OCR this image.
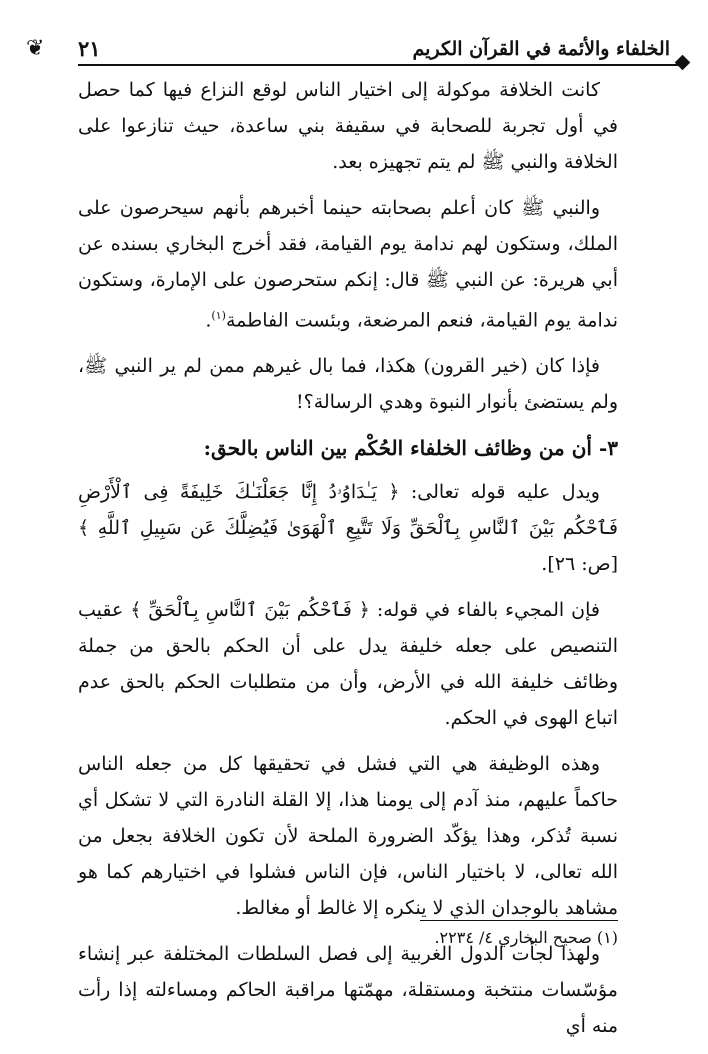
الخلفاء والأئمة في القرآن الكريم
٢١
❦

كانت الخلافة موكولة إلى اختيار الناس لوقع النزاع فيها كما حصل في أول تجربة للصحابة في سقيفة بني ساعدة، حيث تنازعوا على الخلافة والنبي ﷺ لم يتم تجهيزه بعد.

والنبي ﷺ كان أعلم بصحابته حينما أخبرهم بأنهم سيحرصون على الملك، وستكون لهم ندامة يوم القيامة، فقد أخرج البخاري بسنده عن أبي هريرة: عن النبي ﷺ قال: إنكم ستحرصون على الإمارة، وستكون ندامة يوم القيامة، فنعم المرضعة، وبئست الفاطمة$^{(١)}$.

فإذا كان (خير القرون) هكذا، فما بال غيرهم ممن لم ير النبي ﷺ، ولم يستضئ بأنوار النبوة وهدي الرسالة؟!

٣- أن من وظائف الخلفاء الحُكْم بين الناس بالحق:

ويدل عليه قوله تعالى: ﴿ يَـٰدَاوُۥدُ إِنَّا جَعَلْنَـٰكَ خَلِيفَةً فِى ٱلْأَرْضِ فَٱحْكُم بَيْنَ ٱلنَّاسِ بِٱلْحَقِّ وَلَا تَتَّبِعِ ٱلْهَوَىٰ فَيُضِلَّكَ عَن سَبِيلِ ٱللَّهِ ﴾ [ص: ٢٦].

فإن المجيء بالفاء في قوله: ﴿ فَٱحْكُم بَيْنَ ٱلنَّاسِ بِٱلْحَقِّ ﴾ عقيب التنصيص على جعله خليفة يدل على أن الحكم بالحق من جملة وظائف خليفة الله في الأرض، وأن من متطلبات الحكم بالحق عدم اتباع الهوى في الحكم.

وهذه الوظيفة هي التي فشل في تحقيقها كل من جعله الناس حاكماً عليهم، منذ آدم إلى يومنا هذا، إلا القلة النادرة التي لا تشكل أي نسبة تُذكر، وهذا يؤكّد الضرورة الملحة لأن تكون الخلافة بجعل من الله تعالى، لا باختيار الناس، فإن الناس فشلوا في اختيارهم كما هو مشاهد بالوجدان الذي لا ينكره إلا غالط أو مغالط.

ولهذا لجأت الدول الغربية إلى فصل السلطات المختلفة عبر إنشاء مؤسّسات منتخبة ومستقلة، مهمّتها مراقبة الحاكم ومساءلته إذا رأت منه أي

(١) صحيح البخاري ٤/ ٢٢٣٤.
